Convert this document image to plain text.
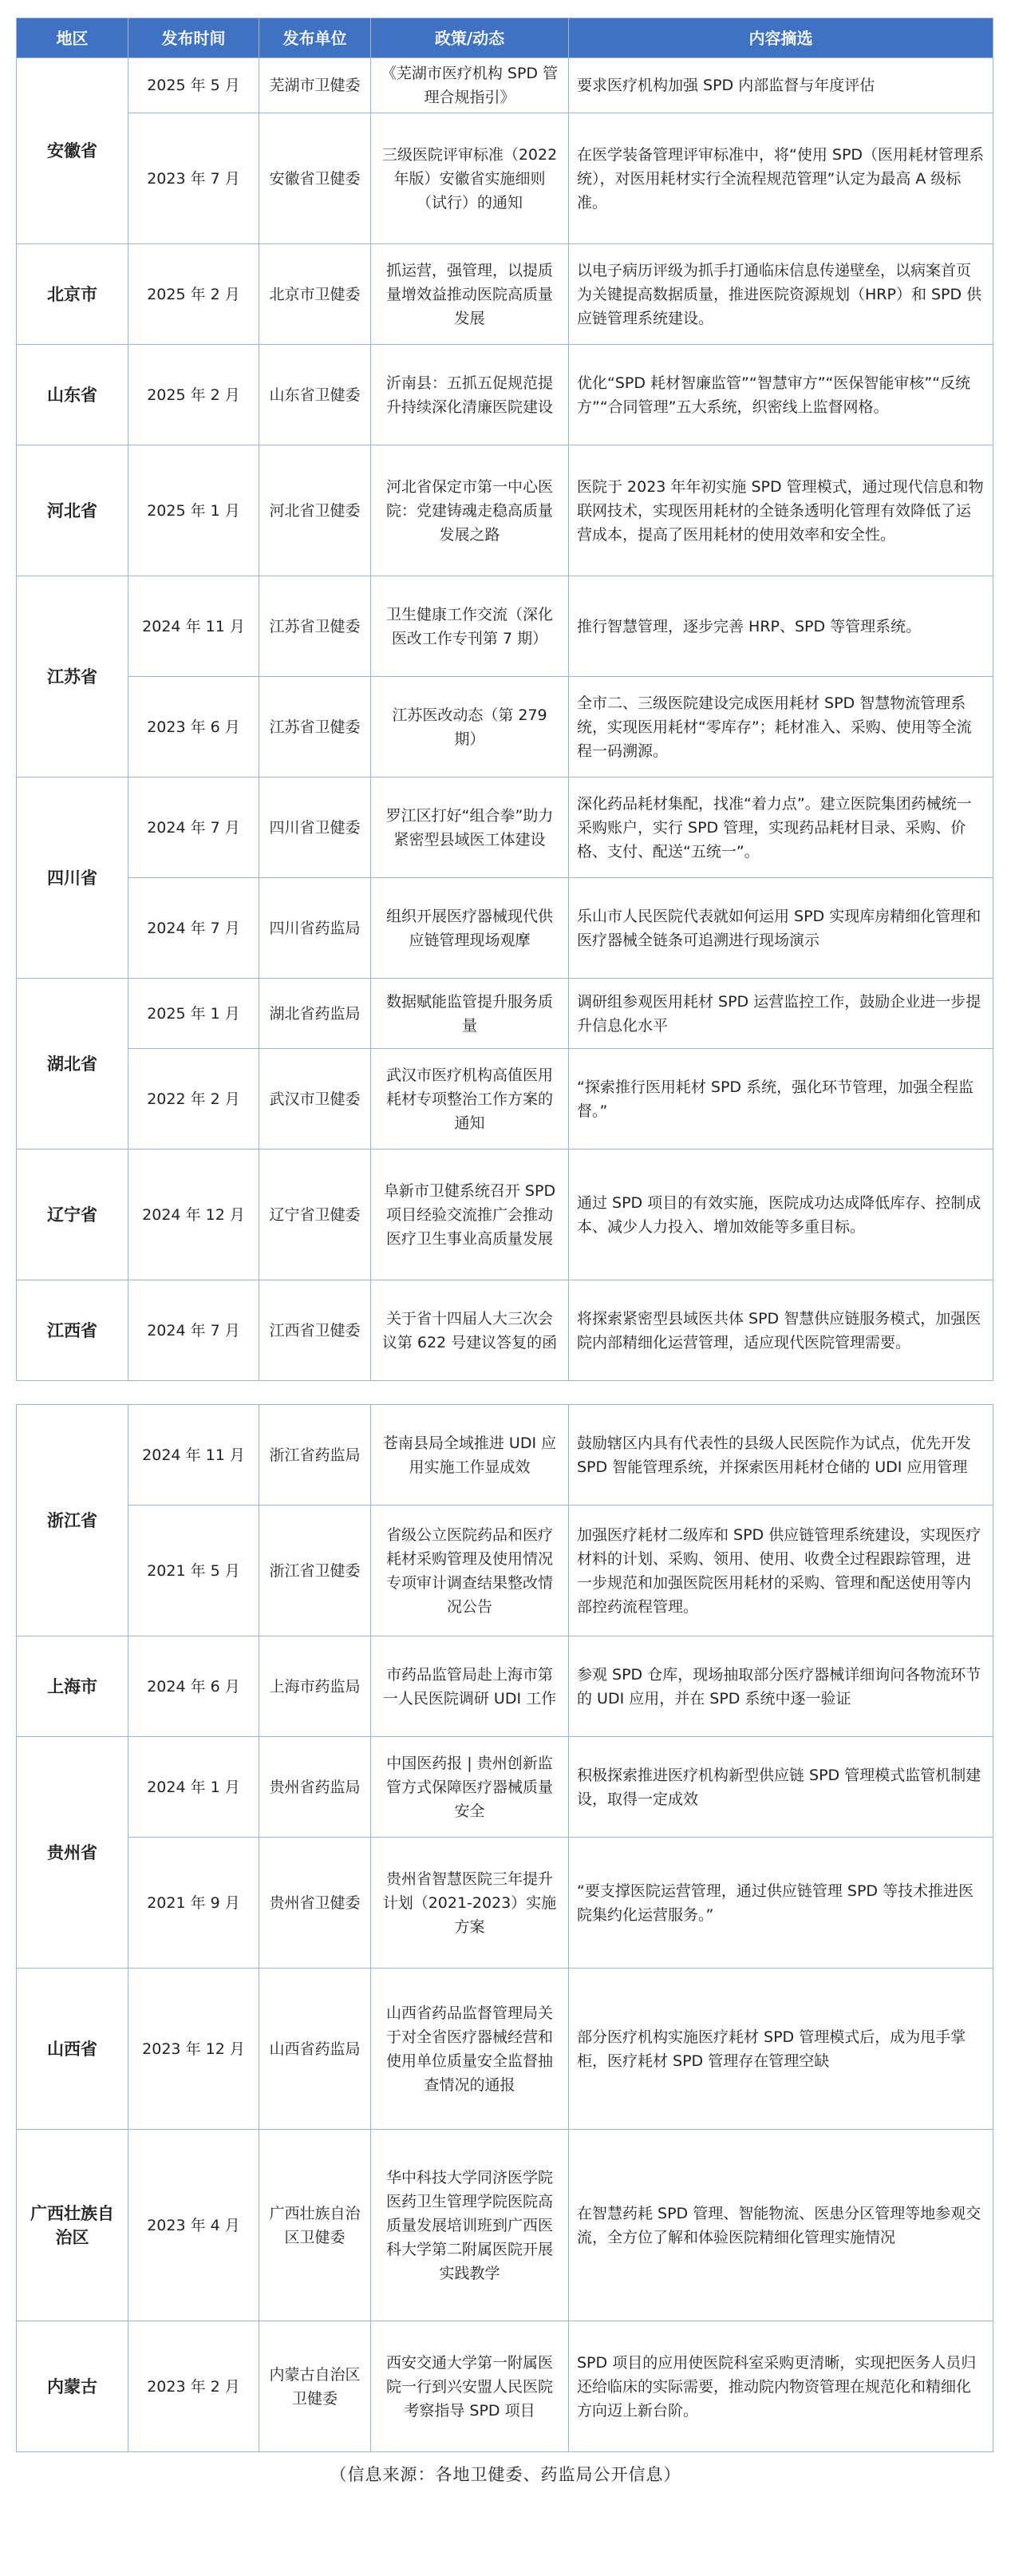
地区	发布时间	发布单位	政策/动态	内容摘选
安徽省	2025 年 5 月	芜湖市卫健委	《芜湖市医疗机构 SPD 管理合规指引》	要求医疗机构加强 SPD 内部监督与年度评估
	2023 年 7 月	安徽省卫健委	三级医院评审标准（2022 年版）安徽省实施细则（试行）的通知	在医学装备管理评审标准中，将“使用 SPD（医用耗材管理系统），对医用耗材实行全流程规范管理”认定为最高 A 级标准。
北京市	2025 年 2 月	北京市卫健委	抓运营，强管理，以提质量增效益推动医院高质量发展	以电子病历评级为抓手打通临床信息传递壁垒，以病案首页为关键提高数据质量，推进医院资源规划（HRP）和 SPD 供应链管理系统建设。
山东省	2025 年 2 月	山东省卫健委	沂南县：五抓五促规范提升持续深化清廉医院建设	优化“SPD 耗材智廉监管”“智慧审方”“医保智能审核”“反统方”“合同管理”五大系统，织密线上监督网格。
河北省	2025 年 1 月	河北省卫健委	河北省保定市第一中心医院：党建铸魂走稳高质量发展之路	医院于 2023 年年初实施 SPD 管理模式，通过现代信息和物联网技术，实现医用耗材的全链条透明化管理有效降低了运营成本，提高了医用耗材的使用效率和安全性。
江苏省	2024 年 11 月	江苏省卫健委	卫生健康工作交流（深化医改工作专刊第 7 期）	推行智慧管理，逐步完善 HRP、SPD 等管理系统。
	2023 年 6 月	江苏省卫健委	江苏医改动态（第 279 期）	全市二、三级医院建设完成医用耗材 SPD 智慧物流管理系统，实现医用耗材“零库存”；耗材准入、采购、使用等全流程一码溯源。
四川省	2024 年 7 月	四川省卫健委	罗江区打好“组合拳”助力紧密型县域医工体建设	深化药品耗材集配，找准“着力点”。建立医院集团药械统一采购账户，实行 SPD 管理，实现药品耗材目录、采购、价格、支付、配送“五统一”。
	2024 年 7 月	四川省药监局	组织开展医疗器械现代供应链管理现场观摩	乐山市人民医院代表就如何运用 SPD 实现库房精细化管理和医疗器械全链条可追溯进行现场演示
湖北省	2025 年 1 月	湖北省药监局	数据赋能监管提升服务质量	调研组参观医用耗材 SPD 运营监控工作，鼓励企业进一步提升信息化水平
	2022 年 2 月	武汉市卫健委	武汉市医疗机构高值医用耗材专项整治工作方案的通知	“探索推行医用耗材 SPD 系统，强化环节管理，加强全程监督。”
辽宁省	2024 年 12 月	辽宁省卫健委	阜新市卫健系统召开 SPD 项目经验交流推广会推动医疗卫生事业高质量发展	通过 SPD 项目的有效实施，医院成功达成降低库存、控制成本、减少人力投入、增加效能等多重目标。
江西省	2024 年 7 月	江西省卫健委	关于省十四届人大三次会议第 622 号建议答复的函	将探索紧密型县域医共体 SPD 智慧供应链服务模式，加强医院内部精细化运营管理，适应现代医院管理需要。

浙江省	2024 年 11 月	浙江省药监局	苍南县局全域推进 UDI 应用实施工作显成效	鼓励辖区内具有代表性的县级人民医院作为试点，优先开发 SPD 智能管理系统，并探索医用耗材仓储的 UDI 应用管理
	2021 年 5 月	浙江省卫健委	省级公立医院药品和医疗耗材采购管理及使用情况专项审计调查结果整改情况公告	加强医疗耗材二级库和 SPD 供应链管理系统建设，实现医疗材料的计划、采购、领用、使用、收费全过程跟踪管理，进一步规范和加强医院医用耗材的采购、管理和配送使用等内部控药流程管理。
上海市	2024 年 6 月	上海市药监局	市药品监管局赴上海市第一人民医院调研 UDI 工作	参观 SPD 仓库，现场抽取部分医疗器械详细询问各物流环节的 UDI 应用，并在 SPD 系统中逐一验证
贵州省	2024 年 1 月	贵州省药监局	中国医药报 | 贵州创新监管方式保障医疗器械质量安全	积极探索推进医疗机构新型供应链 SPD 管理模式监管机制建设，取得一定成效
	2021 年 9 月	贵州省卫健委	贵州省智慧医院三年提升计划（2021-2023）实施方案	“要支撑医院运营管理，通过供应链管理 SPD 等技术推进医院集约化运营服务。”
山西省	2023 年 12 月	山西省药监局	山西省药品监督管理局关于对全省医疗器械经营和使用单位质量安全监督抽查情况的通报	部分医疗机构实施医疗耗材 SPD 管理模式后，成为甩手掌柜，医疗耗材 SPD 管理存在管理空缺
广西壮族自治区	2023 年 4 月	广西壮族自治区卫健委	华中科技大学同济医学院医药卫生管理学院医院高质量发展培训班到广西医科大学第二附属医院开展实践教学	在智慧药耗 SPD 管理、智能物流、医患分区管理等地参观交流，全方位了解和体验医院精细化管理实施情况
内蒙古	2023 年 2 月	内蒙古自治区卫健委	西安交通大学第一附属医院一行到兴安盟人民医院考察指导 SPD 项目	SPD 项目的应用使医院科室采购更清晰，实现把医务人员归还给临床的实际需要，推动院内物资管理在规范化和精细化方向迈上新台阶。
（信息来源：各地卫健委、药监局公开信息）
